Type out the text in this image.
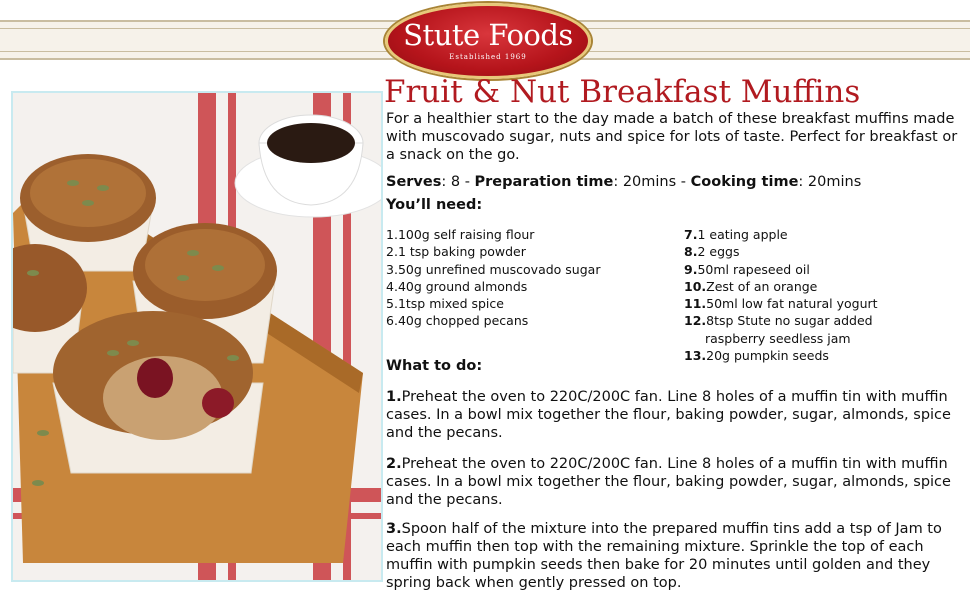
Stute Foods
Established 1969
Fruit & Nut Breakfast Muffins
For a healthier start to the day made a batch of these breakfast muffins made with muscovado sugar, nuts and spice for lots of taste. Perfect for breakfast or a snack on the go.
Serves: 8 - Preparation time: 20mins - Cooking time: 20mins
You’ll need:
1.100g self raising flour
2.1 tsp baking powder
3.50g unrefined muscovado sugar
4.40g ground almonds
5.1tsp mixed spice
6.40g chopped pecans
7.1 eating apple
8.2 eggs
9.50ml rapeseed oil
10.Zest of an orange
11.50ml low fat natural yogurt
12.8tsp Stute no sugar added
raspberry seedless jam
13.20g pumpkin seeds
What to do:
1.Preheat the oven to 220C/200C fan. Line 8 holes of a muffin tin with muffin cases. In a bowl mix together the flour, baking powder, sugar, almonds, spice and the pecans.
2.Preheat the oven to 220C/200C fan. Line 8 holes of a muffin tin with muffin cases. In a bowl mix together the flour, baking powder, sugar, almonds, spice and the pecans.
3.Spoon half of the mixture into the prepared muffin tins add a tsp of Jam to each muffin then top with the remaining mixture. Sprinkle the top of each muffin with pumpkin seeds then bake for 20 minutes until golden and they spring back when gently pressed on top.
